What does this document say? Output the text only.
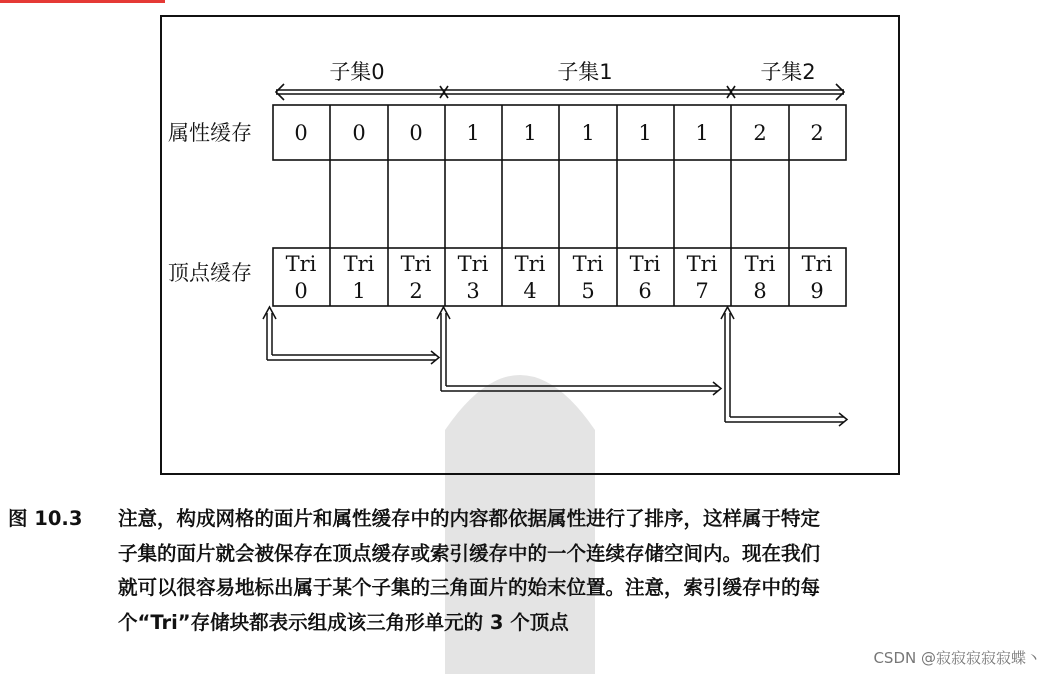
子集0	子集1	子集2
属性缓存
顶点缓存
0 0 0 1 1 1 1 1 2 2
Tri Tri Tri Tri Tri Tri Tri Tri Tri Tri
0 1 2 3 4 5 6 7 8 9
图 10.3 注意，构成网格的面片和属性缓存中的内容都依据属性进行了排序，这样属于特定
子集的面片就会被保存在顶点缓存或索引缓存中的一个连续存储空间内。现在我们
就可以很容易地标出属于某个子集的三角面片的始末位置。注意，索引缓存中的每
个“Tri”存储块都表示组成该三角形单元的 3 个顶点
CSDN @寂寂寂寂寂蝶丶
